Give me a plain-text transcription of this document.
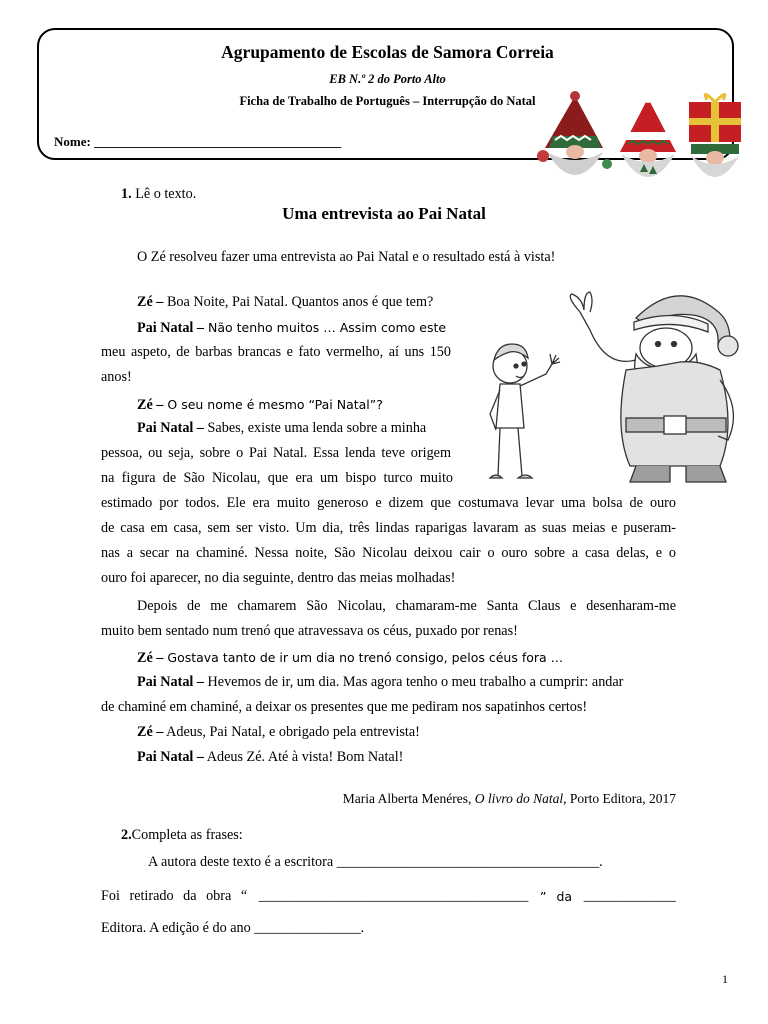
Agrupamento de Escolas de Samora Correia
EB N.º 2 do Porto Alto
Ficha de Trabalho de Português – Interrupção do Natal
Nome: ______________________________________
1. Lê o texto.
Uma entrevista ao Pai Natal
O Zé resolveu fazer uma entrevista ao Pai Natal e o resultado está à vista!
Zé – Boa Noite, Pai Natal. Quantos anos é que tem?
Pai Natal – Não tenho muitos … Assim como este
meu aspeto, de barbas brancas e fato vermelho, aí uns 150
anos!
Zé – O seu nome é mesmo “Pai Natal”?
Pai Natal – Sabes, existe uma lenda sobre a minha
pessoa, ou seja, sobre o Pai Natal. Essa lenda teve origem
na figura de São Nicolau, que era um bispo turco muito
estimado por todos. Ele era muito generoso e dizem que costumava levar uma bolsa de ouro
de casa em casa, sem ser visto. Um dia, três lindas raparigas lavaram as suas meias e puseram-
nas a secar na chaminé. Nessa noite, São Nicolau deixou cair o ouro sobre a casa delas, e o
ouro foi aparecer, no dia seguinte, dentro das meias molhadas!
Depois de me chamarem São Nicolau, chamaram-me Santa Claus e desenharam-me
muito bem sentado num trenó que atravessava os céus, puxado por renas!
Zé – Gostava tanto de ir um dia no trenó consigo, pelos céus fora …
Pai Natal – Hevemos de ir, um dia. Mas agora tenho o meu trabalho a cumprir: andar
de chaminé em chaminé, a deixar os presentes que me pediram nos sapatinhos certos!
Zé – Adeus, Pai Natal, e obrigado pela entrevista!
Pai Natal – Adeus Zé. Até à vista! Bom Natal!
Maria Alberta Menéres, O livro do Natal, Porto Editora, 2017
2.Completa as frases:
A autora deste texto é a escritora _____________________________________.
Foi retirado da obra “ ______________________________________ ” da _____________
Editora. A edição é do ano _______________.
1
